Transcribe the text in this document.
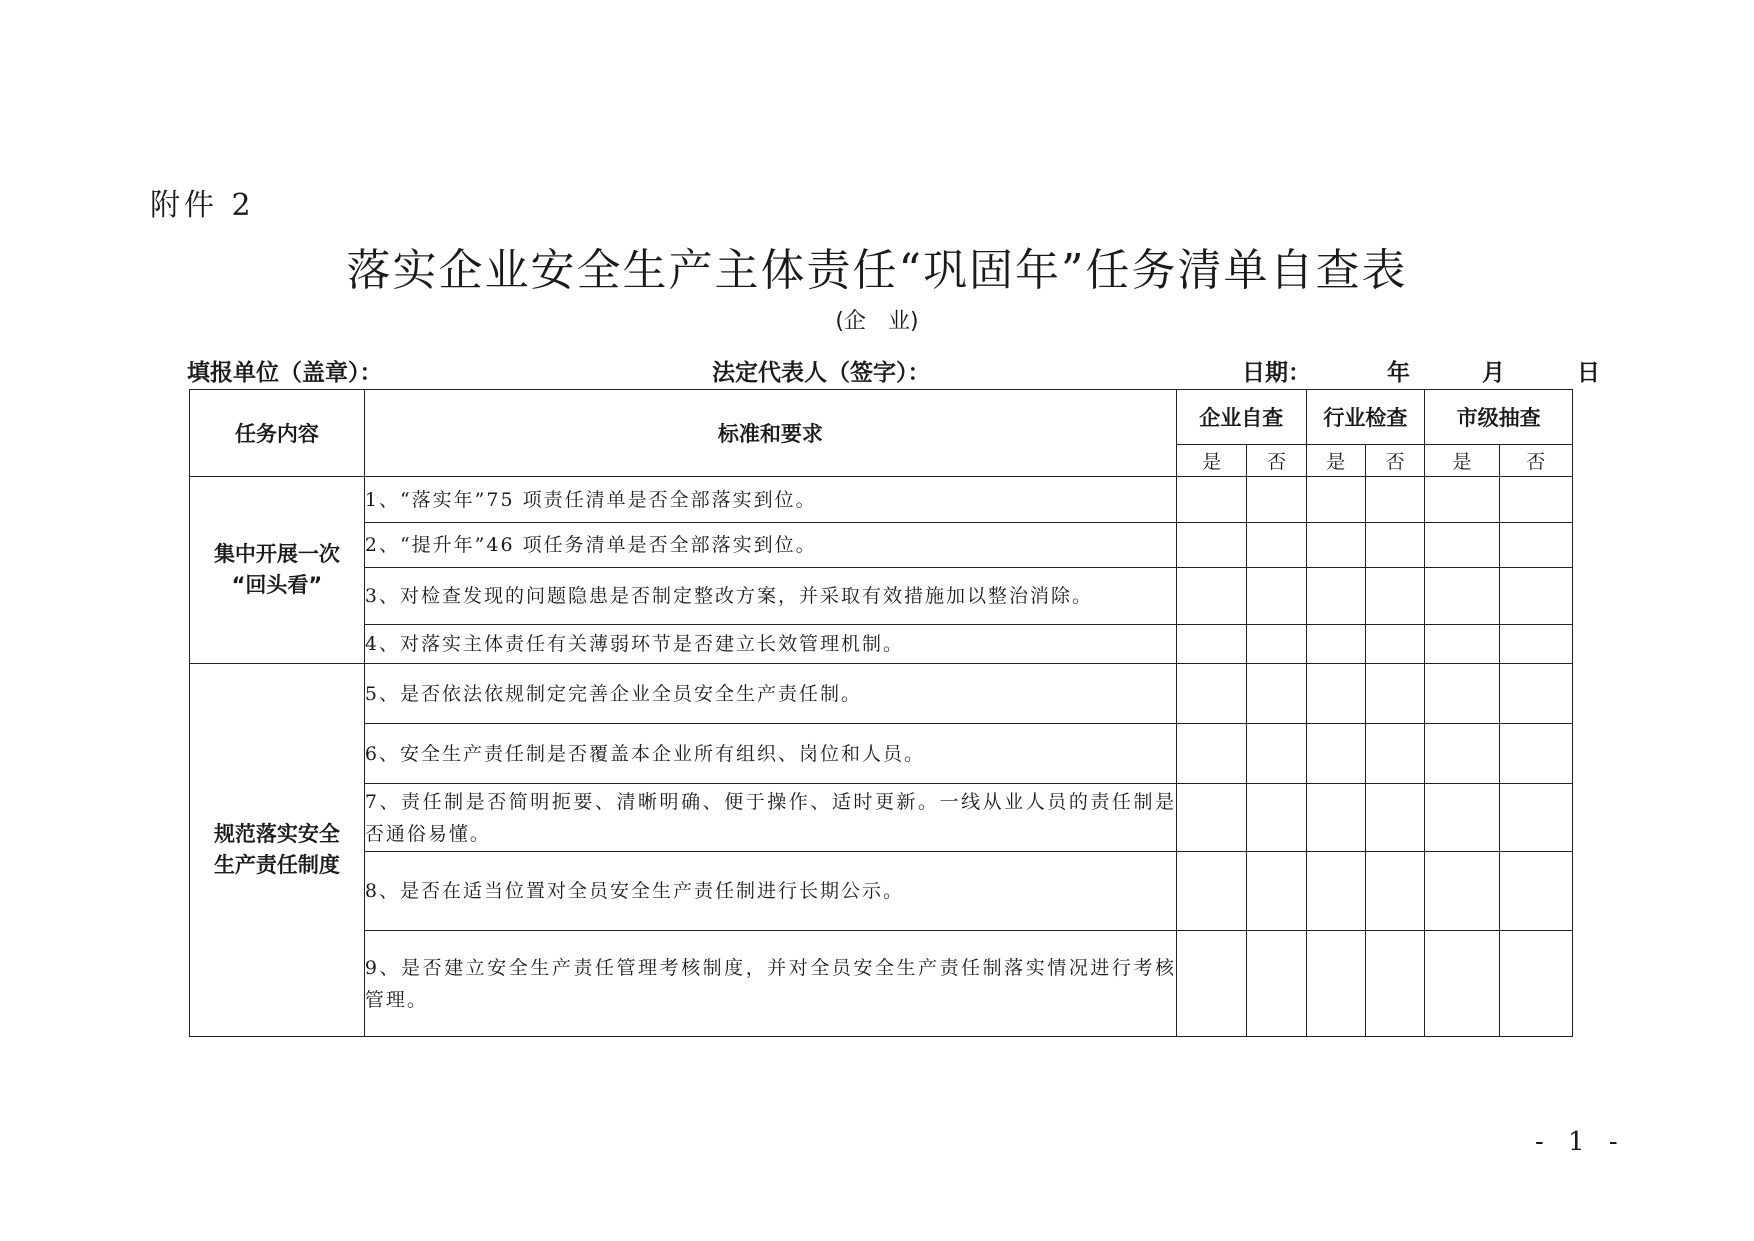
附件 2
落实企业安全生产主体责任“巩固年”任务清单自查表
(企　业)
填报单位（盖章）：	法定代表人（签字）：	日期：	年	月	日
任务内容	标准和要求	企业自查		行业检查		市级抽查	
		是	否	是	否	是	否

集中开展一次
“回头看”	1、“落实年”75 项责任清单是否全部落实到位。						
	2、“提升年”46 项任务清单是否全部落实到位。						
	3、对检查发现的问题隐患是否制定整改方案，并采取有效措施加以整治消除。						
	4、对落实主体责任有关薄弱环节是否建立长效管理机制。						

规范落实安全
生产责任制度	5、是否依法依规制定完善企业全员安全生产责任制。						
	6、安全生产责任制是否覆盖本企业所有组织、岗位和人员。						
	7、责任制是否简明扼要、清晰明确、便于操作、适时更新。一线从业人员的责任制是否通俗易懂。						
	8、是否在适当位置对全员安全生产责任制进行长期公示。						
	9、是否建立安全生产责任管理考核制度，并对全员安全生产责任制落实情况进行考核管理。						
- 1 -
